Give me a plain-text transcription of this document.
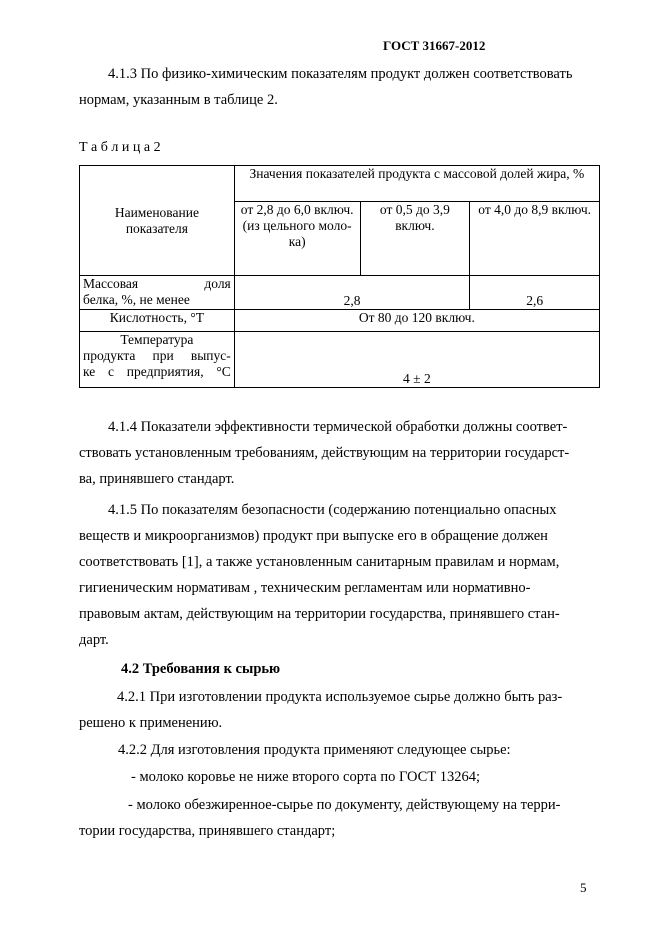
ГОСТ 31667-2012
4.1.3 По физико-химическим показателям продукт должен соответствовать
нормам, указанным в таблице 2.
Т а б л и ц а 2
Наименование показателя	Значения показателей продукта с массовой долей жира, %		
	от 2,8 до 6,0 включ. (из цельного моло-ка)	от 0,5 до 3,9 включ.	от 4,0 до 8,9 включ.

Массовая доля
белка, %, не менее	2,8		2,6
Кислотность, °Т	От 80 до 120 включ.		

Температура
продукта при выпус-
ке с предприятия, °С	4 ± 2		
4.1.4 Показатели эффективности термической обработки должны соответ-
ствовать установленным требованиям, действующим на территории государст-
ва, принявшего стандарт.
4.1.5 По показателям безопасности (содержанию потенциально опасных
веществ и микроорганизмов) продукт при выпуске его в обращение должен
соответствовать [1], а также установленным санитарным правилам и нормам,
гигиеническим нормативам , техническим регламентам или нормативно-
правовым актам, действующим на территории государства, принявшего стан-
дарт.
4.2 Требования к сырью
4.2.1 При изготовлении продукта используемое сырье должно быть раз-
решено к применению.
4.2.2 Для изготовления продукта применяют следующее сырье:
- молоко коровье не ниже второго сорта по ГОСТ 13264;
- молоко обезжиренное-сырье по документу, действующему на терри-
тории государства, принявшего стандарт;
5
